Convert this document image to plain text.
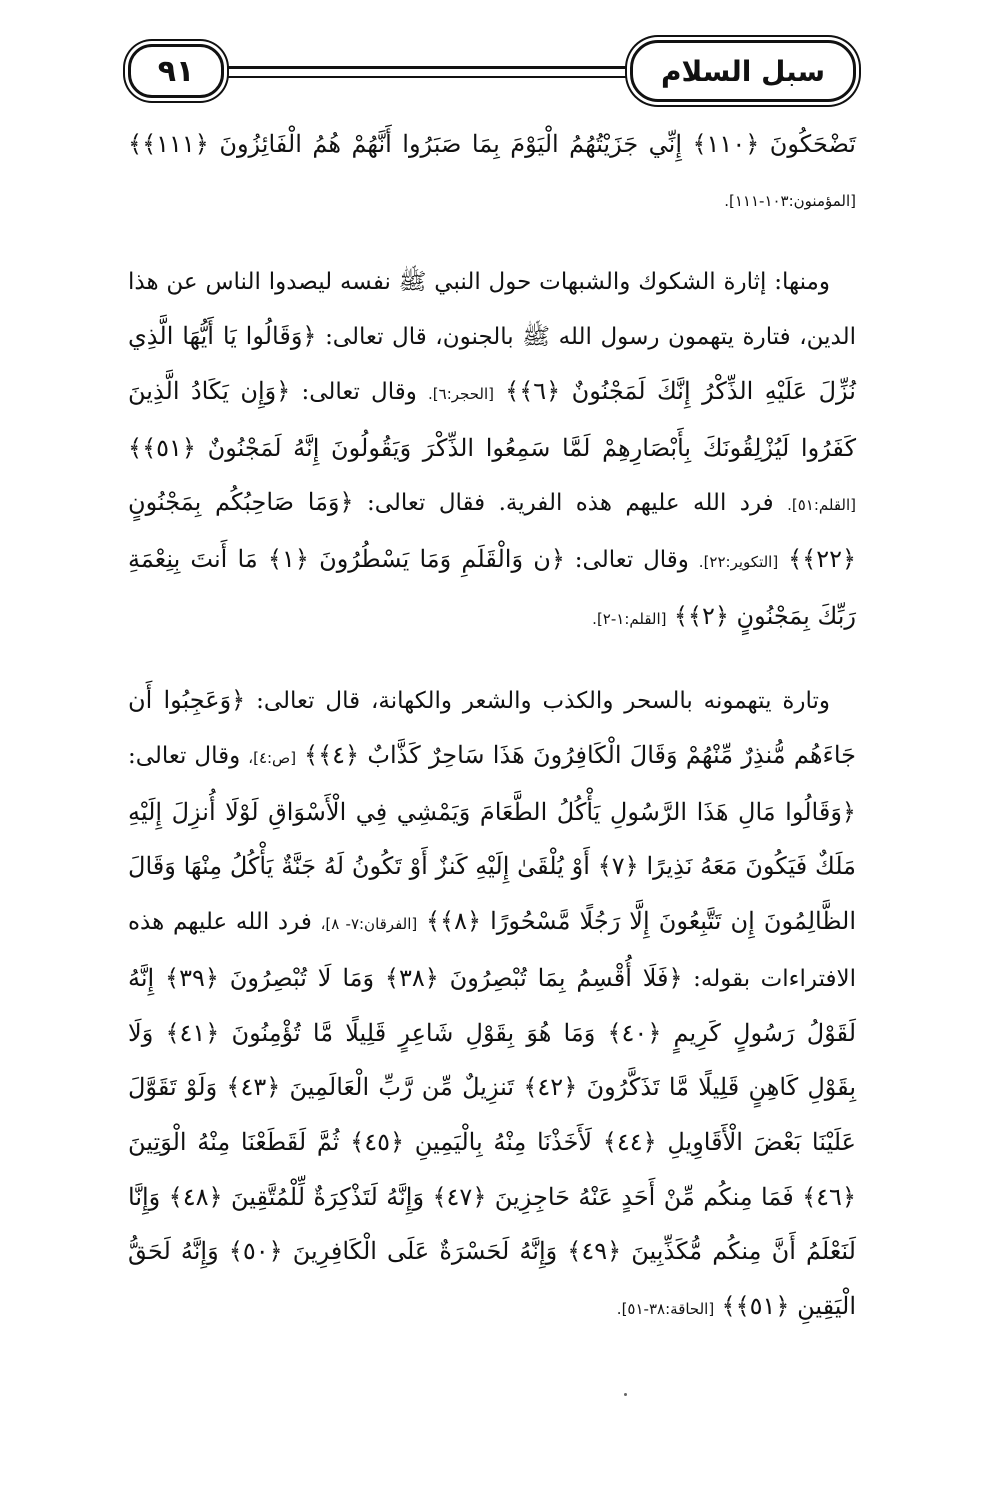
٩١	سبل السلام

تَضْحَكُونَ ﴿١١٠﴾ إِنِّي جَزَيْتُهُمُ الْيَوْمَ بِمَا صَبَرُوا أَنَّهُمْ هُمُ الْفَائِزُونَ ﴿١١١﴾﴾ [المؤمنون:١٠٣-١١١].

ومنها: إثارة الشكوك والشبهات حول النبي ﷺ نفسه ليصدوا الناس عن هذا الدين، فتارة يتهمون رسول الله ﷺ بالجنون، قال تعالى: ﴿وَقَالُوا يَا أَيُّهَا الَّذِي نُزِّلَ عَلَيْهِ الذِّكْرُ إِنَّكَ لَمَجْنُونٌ ﴿٦﴾﴾ [الحجر:٦]. وقال تعالى: ﴿وَإِن يَكَادُ الَّذِينَ كَفَرُوا لَيُزْلِقُونَكَ بِأَبْصَارِهِمْ لَمَّا سَمِعُوا الذِّكْرَ وَيَقُولُونَ إِنَّهُ لَمَجْنُونٌ ﴿٥١﴾﴾ [القلم:٥١]. فرد الله عليهم هذه الفرية. فقال تعالى: ﴿وَمَا صَاحِبُكُم بِمَجْنُونٍ ﴿٢٢﴾﴾ [التكوير:٢٢]. وقال تعالى: ﴿ن وَالْقَلَمِ وَمَا يَسْطُرُونَ ﴿١﴾ مَا أَنتَ بِنِعْمَةِ رَبِّكَ بِمَجْنُونٍ ﴿٢﴾﴾ [القلم:١-٢].

وتارة يتهمونه بالسحر والكذب والشعر والكهانة، قال تعالى: ﴿وَعَجِبُوا أَن جَاءَهُم مُّنذِرٌ مِّنْهُمْ وَقَالَ الْكَافِرُونَ هَذَا سَاحِرٌ كَذَّابٌ ﴿٤﴾﴾ [ص:٤]، وقال تعالى: ﴿وَقَالُوا مَالِ هَذَا الرَّسُولِ يَأْكُلُ الطَّعَامَ وَيَمْشِي فِي الْأَسْوَاقِ لَوْلَا أُنزِلَ إِلَيْهِ مَلَكٌ فَيَكُونَ مَعَهُ نَذِيرًا ﴿٧﴾ أَوْ يُلْقَىٰ إِلَيْهِ كَنزٌ أَوْ تَكُونُ لَهُ جَنَّةٌ يَأْكُلُ مِنْهَا وَقَالَ الظَّالِمُونَ إِن تَتَّبِعُونَ إِلَّا رَجُلًا مَّسْحُورًا ﴿٨﴾﴾ [الفرقان:٧- ٨]، فرد الله عليهم هذه الافتراءات بقوله: ﴿فَلَا أُقْسِمُ بِمَا تُبْصِرُونَ ﴿٣٨﴾ وَمَا لَا تُبْصِرُونَ ﴿٣٩﴾ إِنَّهُ لَقَوْلُ رَسُولٍ كَرِيمٍ ﴿٤٠﴾ وَمَا هُوَ بِقَوْلِ شَاعِرٍ قَلِيلًا مَّا تُؤْمِنُونَ ﴿٤١﴾ وَلَا بِقَوْلِ كَاهِنٍ قَلِيلًا مَّا تَذَكَّرُونَ ﴿٤٢﴾ تَنزِيلٌ مِّن رَّبِّ الْعَالَمِينَ ﴿٤٣﴾ وَلَوْ تَقَوَّلَ عَلَيْنَا بَعْضَ الْأَقَاوِيلِ ﴿٤٤﴾ لَأَخَذْنَا مِنْهُ بِالْيَمِينِ ﴿٤٥﴾ ثُمَّ لَقَطَعْنَا مِنْهُ الْوَتِينَ ﴿٤٦﴾ فَمَا مِنكُم مِّنْ أَحَدٍ عَنْهُ حَاجِزِينَ ﴿٤٧﴾ وَإِنَّهُ لَتَذْكِرَةٌ لِّلْمُتَّقِينَ ﴿٤٨﴾ وَإِنَّا لَنَعْلَمُ أَنَّ مِنكُم مُّكَذِّبِينَ ﴿٤٩﴾ وَإِنَّهُ لَحَسْرَةٌ عَلَى الْكَافِرِينَ ﴿٥٠﴾ وَإِنَّهُ لَحَقُّ الْيَقِينِ ﴿٥١﴾﴾ [الحاقة:٣٨-٥١].
